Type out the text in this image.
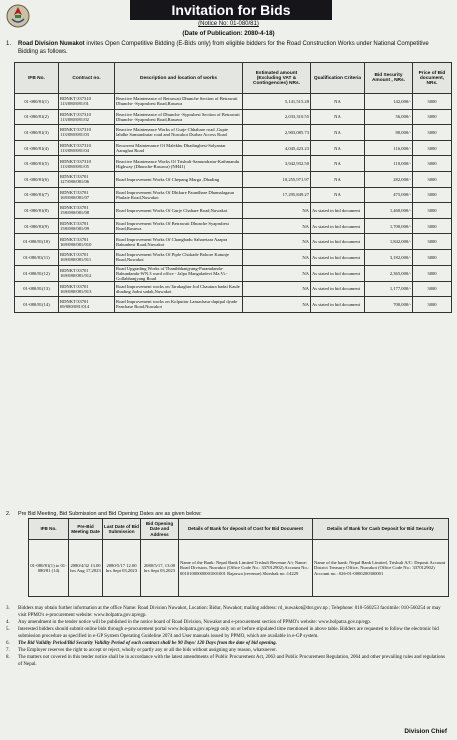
Invitation for Bids
(Notice No: 01-080/81)
(Date of Publication: 2080-4-18)
1. Road Division Nuwakot invites Open Competitive Bidding (E-Bids only) from eligible bidders for the Road Construction Works under National Competitive Bidding as follows.
IFB No.	Contract no.	Description and location of works	Estimated amount (Excluding VAT & Contingencies) NRs.	Qualification Criteria	Bid Security Amount , NRs.	Price of Bid document, NRs.
01-080/81(1)	RDNKT/337310 113/080/081/01	Reactive Maintenance of Betrawati Dhunche Section of Betrawati Dhunche -Syaprubesi Road,Rasuwa	5,141,515.28	NA	142,000/-	3000
01-080/81(2)	RDNKT/337310 113/080/081/02	Reactive Maintenance of Dhunche -Syprubesi Section of Betrawati Dhunche -Syaprubesi Road,Rasuwa	2,033,310.55	NA	56,000/-	3000
01-080/81(3)	RDNKT/337310 113/080/081/03	Reactive Maintenance Works of Gurje Chhahare road ,Gupte lahdhe Samundratar road and Nuwakot Durbar Access Road	2,903,085.73	NA	80,000/-	3000
01-080/81(4)	RDNKT/337310 113/080/081/04	Recurrent Maintenance Of Malekhu Dhadingbesi-Salyantar Aarughat Road	4,045,423.23	NA	116,000/-	3000
01-080/81(5)	RDNKT/337310 113/080/081/05	Reactive Maintenance Works Of Trishuli-Samundratar-Kathmandu Highway (Dhunche-Rasuwa) (NH41)	3,942,932.50	NA	110,000/-	3000
01-080/81(6)	RDNKT/33701 127/080/081/06	Road Improvement Works Of Chepang Marga ,Dhading	10,255,971.97	NA	282,000/-	3000
01-080/81(7)	RDNKT/33701 169/080/081/07	Road Improvement Works Of Dhikure Paundhare Dhamalagaun Phulate Road,Nuwakot	17,295,849.27	NA	475,000/-	3000
01-080/81(8)	RDNKT/33701 158/080/081/08	Road Improvement Works Of Gurje Chahare Road,Nuwakot	NA	As stated in bid document	1,460,000/-	3000
01-080/81(9)	RDNKT/33701 158/080/081/09	Road Improvement Works Of Betrawati Dhunche Syaprubesi Road,Rasuwa	NA	As stated in bid document	1,700,000/-	3000
01-080/81(10)	RDNKT/33701 169/080/081/010	Road Improvement Works Of Changbadu Saharetaar Aaapra Bahunbesi Road,Nuwakot	NA	As stated in bid document	1,842,000/-	3000
01-080/81(11)	RDNKT/33701 169/080/081/011	Road Improvement Works Of Piple Chokade Bohore Katunje Road,Nuwakot	NA	As stated in bid document	3,182,000/-	3000
01-080/81(12)	RDNKT/33701 169/080/081/012	Road Upgrading Works of Thanthbhanjyang-Paramdanda-Bahundanda-WN.3 ward office - Jalpa Mangaladevi Ma.Vi.- Gollabhanjyang Road	NA	As stated in bid document	2,365,000/-	3000
01-080/81(13)	RDNKT/33701 169/080/081/013	Road Improvement works on Tarakaghar Jod Chautara badai Kaule dhading Jodni sadak,Nuwakot	NA	As stated in bid document	1,177,000/-	3000
01-080/81(14)	RDNKT/33701 69/080/081/014	Road Improvement works on Kolputtar Lamachaur dupipal dyade Panchase Road,Nuwakot	NA	As stated in bid document	700,000/-	3000
2. Pre Bid Meeting, Bid Submission and Bid Opening Dates are as given below:
IFB No.	Pre-Bid Meeting Date	Last Date of Bid Submission	Bid Opening Date and Address	Details of Bank for deposit of Cost for Bid Document	Details of Bank for Cash Deposit for Bid Security
01-080/81(1) to 01-080/81 (14)	2080/4/32 13.00 hrs Aug 17,2023	2080/5/17 12.00 hrs Sept 03,2023	2080/5/17, 13.00 hrs Sept 03,2023	Name of the Bank: Nepal Bank Limited Trishuli Revenue A/c Name: Road Division, Nuwakot (Office Code No.: 337012902) Account No.: 00101000000001001001 Rajaswa (revenue) Shirshak no.:14229	Name of the bank: Nepal Bank Limited, Trishuli A/C: Deposit Account District Treasury Office, Nuwakot (Office Code No.: 337012902) Account no.: 026-01-0000200300001
3. Bidders may obtain further information at the office Name: Road Division Nuwakot, Location: Bidur, Nuwakot; mailing address: rd_nuwakot@dor.gov.np ; Telephone: 010-560253 facsimile: 010-560254 or may visit PPMO's e-procurement website: www.bolpatra.gov.np/egp.
4. Any amendment in the tender notice will be published in the notice board of Road Division, Nuwakot and e-procurement section of PPMO's website: www.bolpatra.gov.np/egp.
5. Interested bidders should submit online bids through e-procurement portal www.bolpatra.gov.np/egp only on or before stipulated time mentioned in above table. Bidders are requested to follow the electronic bid submission procedure as specified in e-GP System Operating Guideline 2074 and User manuals issued by PPMO, which are available in e-GP system.
6. The Bid Validity Period/Bid Security Validity Period of each contract shall be 90 Days/ 120 Days from the date of bid opening.
7. The Employer reserves the right to accept or reject, wholly or partly any or all the bids without assigning any reason, whatsoever.
8. The matters not covered in this tender notice shall be in accordance with the latest amendments of Public Procurement Act, 2063 and Public Procurement Regulation, 2064 and other prevailing rules and regulations of Nepal.
Division Chief
